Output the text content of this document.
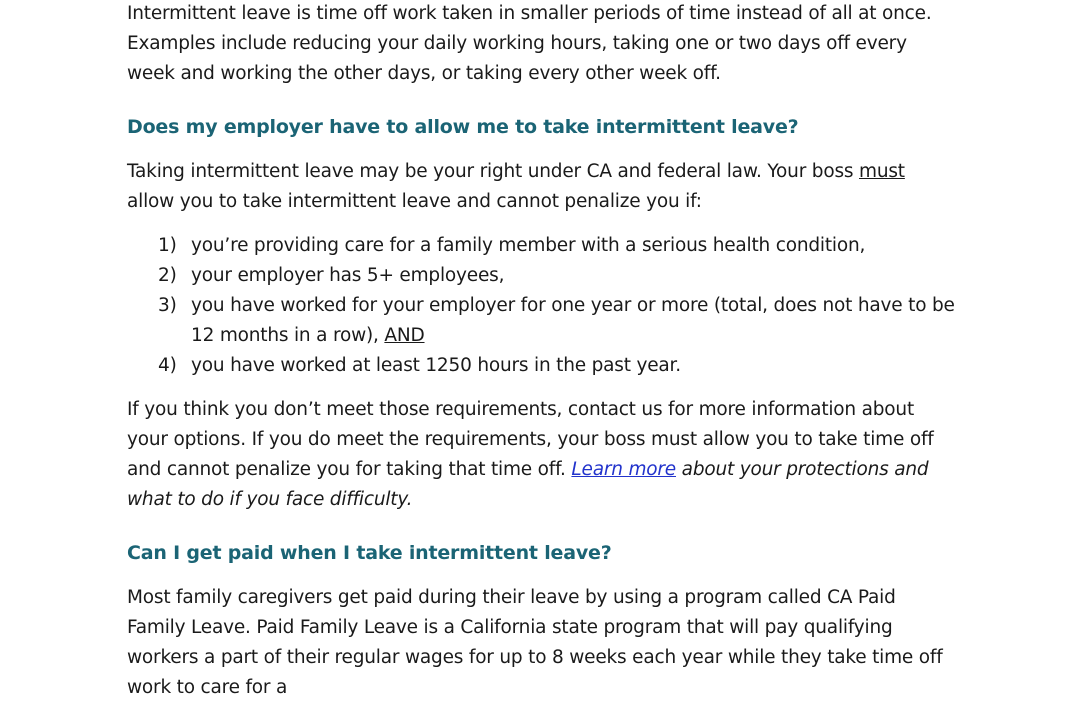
Intermittent leave is time off work taken in smaller periods of time instead of all at once. Examples include reducing your daily working hours, taking one or two days off every week and working the other days, or taking every other week off.

Does my employer have to allow me to take intermittent leave?

Taking intermittent leave may be your right under CA and federal law. Your boss must allow you to take intermittent leave and cannot penalize you if:

1) you’re providing care for a family member with a serious health condition,
2) your employer has 5+ employees,
3) you have worked for your employer for one year or more (total, does not have to be 12 months in a row), AND
4) you have worked at least 1250 hours in the past year.

If you think you don’t meet those requirements, contact us for more information about your options. If you do meet the requirements, your boss must allow you to take time off and cannot penalize you for taking that time off. Learn more about your protections and what to do if you face difficulty.

Can I get paid when I take intermittent leave?

Most family caregivers get paid during their leave by using a program called CA Paid Family Leave. Paid Family Leave is a California state program that will pay qualifying workers a part of their regular wages for up to 8 weeks each year while they take time off work to care for a
